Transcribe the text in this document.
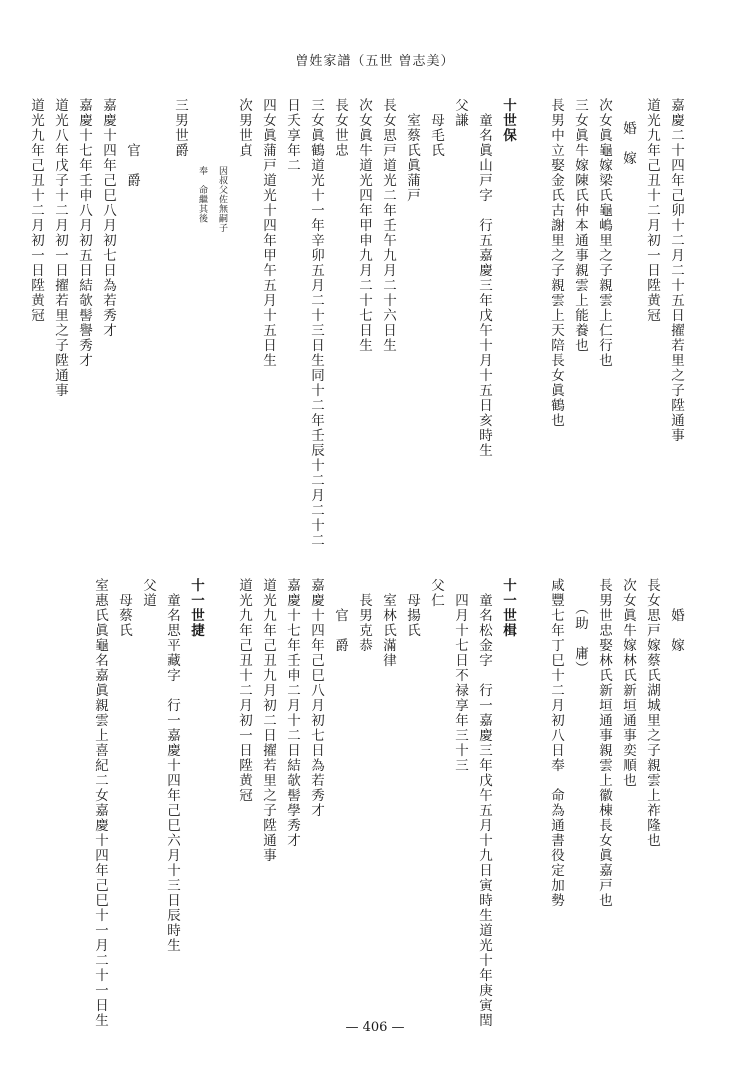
曽姓家譜（五世 曽志美）
嘉慶二十四年己卯十二月二十五日擢若里之子陞通事
道光九年己丑十二月初一日陞黄冠
婚　嫁
次女眞龜嫁梁氏龜嶋里之子親雲上仁行也
三女眞牛嫁陳氏仲本通事親雲上能養也
長男中立娶金氏古謝里之子親雲上天陪長女眞鶴也
十世保
童名眞山戸字　行五嘉慶三年戊午十月十五日亥時生
父謙
母毛氏
室蔡氏眞蒲戸
長女思戸道光二年壬午九月二十六日生
次女眞牛道光四年甲申九月二十七日生
長女世忠
三女眞鶴道光十一年辛卯五月二十三日生同十二年壬辰十二月二十二
日夭享年二
四女眞蒲戸道光十四年甲午五月十五日生
次男世貞
因叔父佐無嗣子
奉　命繼其後
三男世爵
官　爵
嘉慶十四年己巳八月初七日為若秀才
嘉慶十七年壬申八月初五日結欹髻譽秀才
道光八年戊子十二月初一日擢若里之子陞通事
道光九年己丑十二月初一日陞黄冠
婚　嫁
長女思戸嫁蔡氏湖城里之子親雲上祚隆也
次女眞牛嫁林氏新垣通事奕順也
長男世忠娶林氏新垣通事親雲上徽棟長女眞嘉戸也
（助　庸）
咸豐七年丁巳十二月初八日奉　命為通書役定加勢
十一世楫
童名松金字　行一嘉慶三年戊午五月十九日寅時生道光十年庚寅閏
四月十七日不禄享年三十三
父仁
母揚氏
室林氏滿律
長男克恭
官　爵
嘉慶十四年己巳八月初七日為若秀才
嘉慶十七年壬申二月十二日結欹髻學秀才
道光九年己丑九月初二日擢若里之子陞通事
道光九年己丑十二月初一日陞黄冠
十一世捷
童名思平藏字　行一嘉慶十四年己巳六月十三日辰時生
父道
母蔡氏
室惠氏眞龜名嘉眞親雲上喜紀二女嘉慶十四年己巳十一月二十一日生	— 406 —
